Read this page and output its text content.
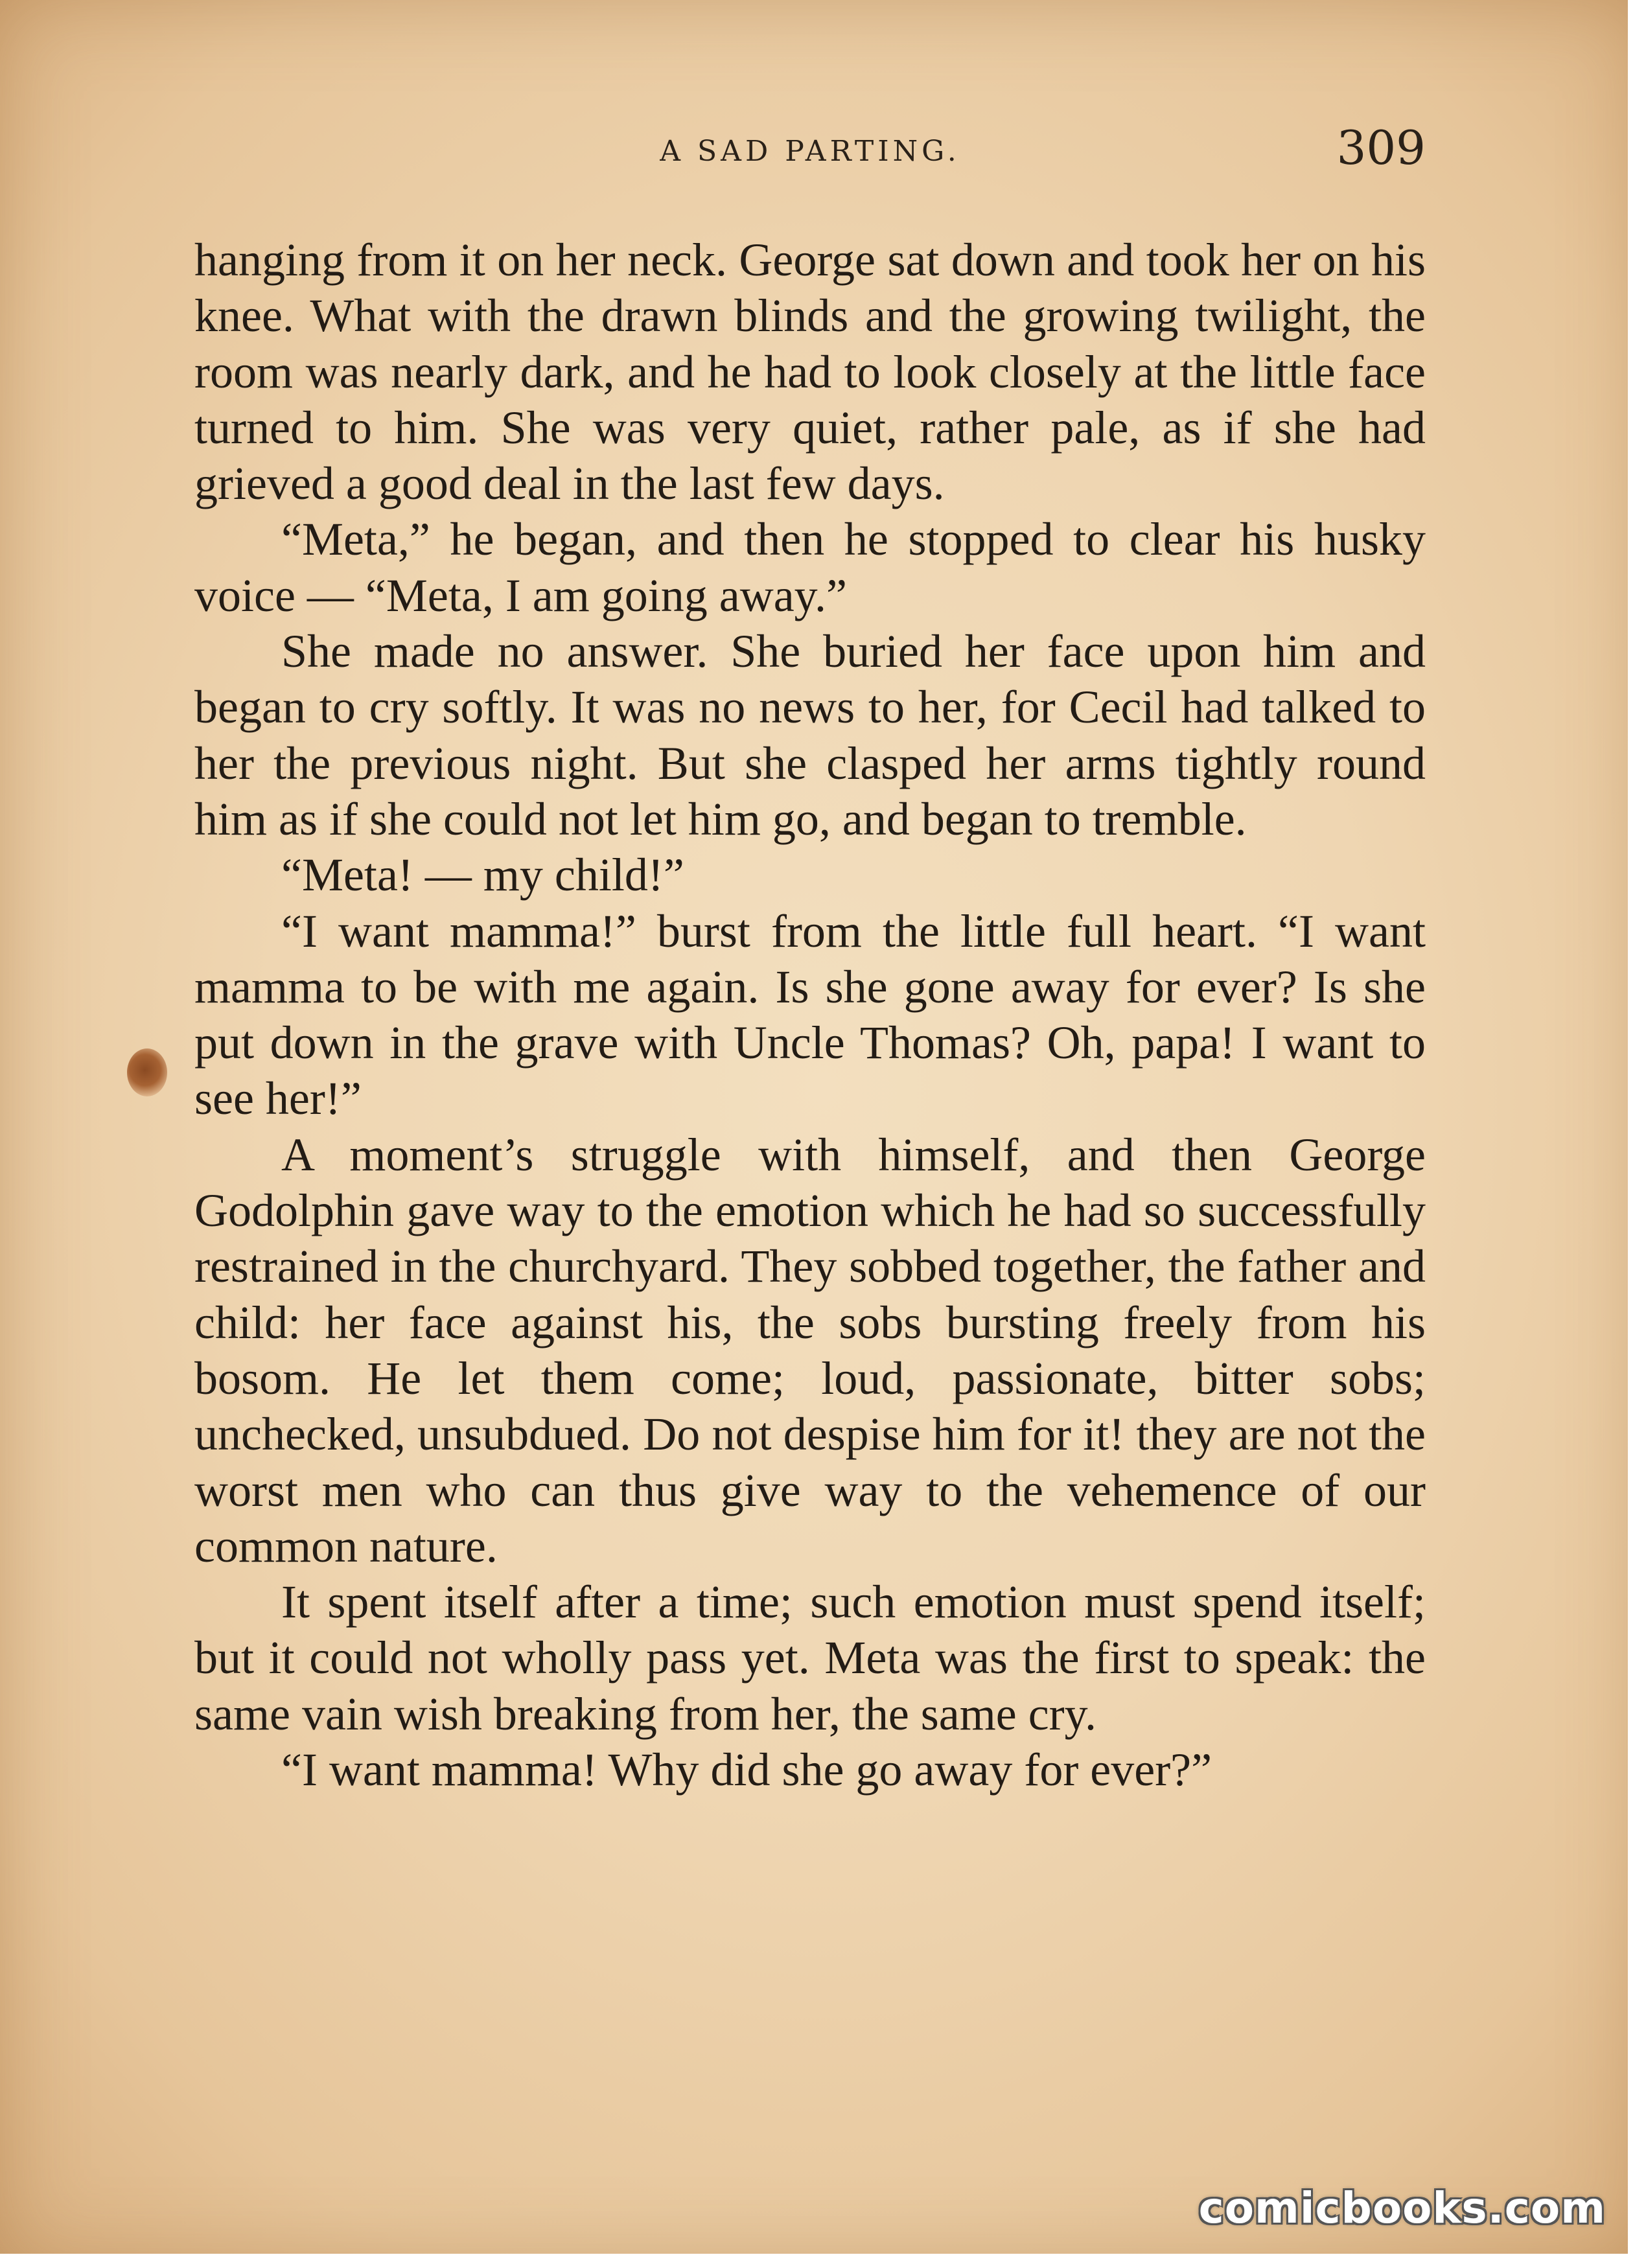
A SAD PARTING.	309

hanging from it on her neck. George sat down and took her on his knee. What with the drawn blinds and the growing twilight, the room was nearly dark, and he had to look closely at the little face turned to him. She was very quiet, rather pale, as if she had grieved a good deal in the last few days.

“Meta,” he began, and then he stopped to clear his husky voice — “Meta, I am going away.”

She made no answer. She buried her face upon him and began to cry softly. It was no news to her, for Cecil had talked to her the previous night. But she clasped her arms tightly round him as if she could not let him go, and began to tremble.

“Meta! — my child!”

“I want mamma!” burst from the little full heart. “I want mamma to be with me again. Is she gone away for ever? Is she put down in the grave with Uncle Thomas? Oh, papa! I want to see her!”

A moment’s struggle with himself, and then George Godolphin gave way to the emotion which he had so successfully restrained in the churchyard. They sobbed together, the father and child: her face against his, the sobs bursting freely from his bosom. He let them come; loud, passionate, bitter sobs; unchecked, unsubdued. Do not despise him for it! they are not the worst men who can thus give way to the vehemence of our common nature.

It spent itself after a time; such emotion must spend itself; but it could not wholly pass yet. Meta was the first to speak: the same vain wish breaking from her, the same cry.

“I want mamma! Why did she go away for ever?”

comicbooks.com
